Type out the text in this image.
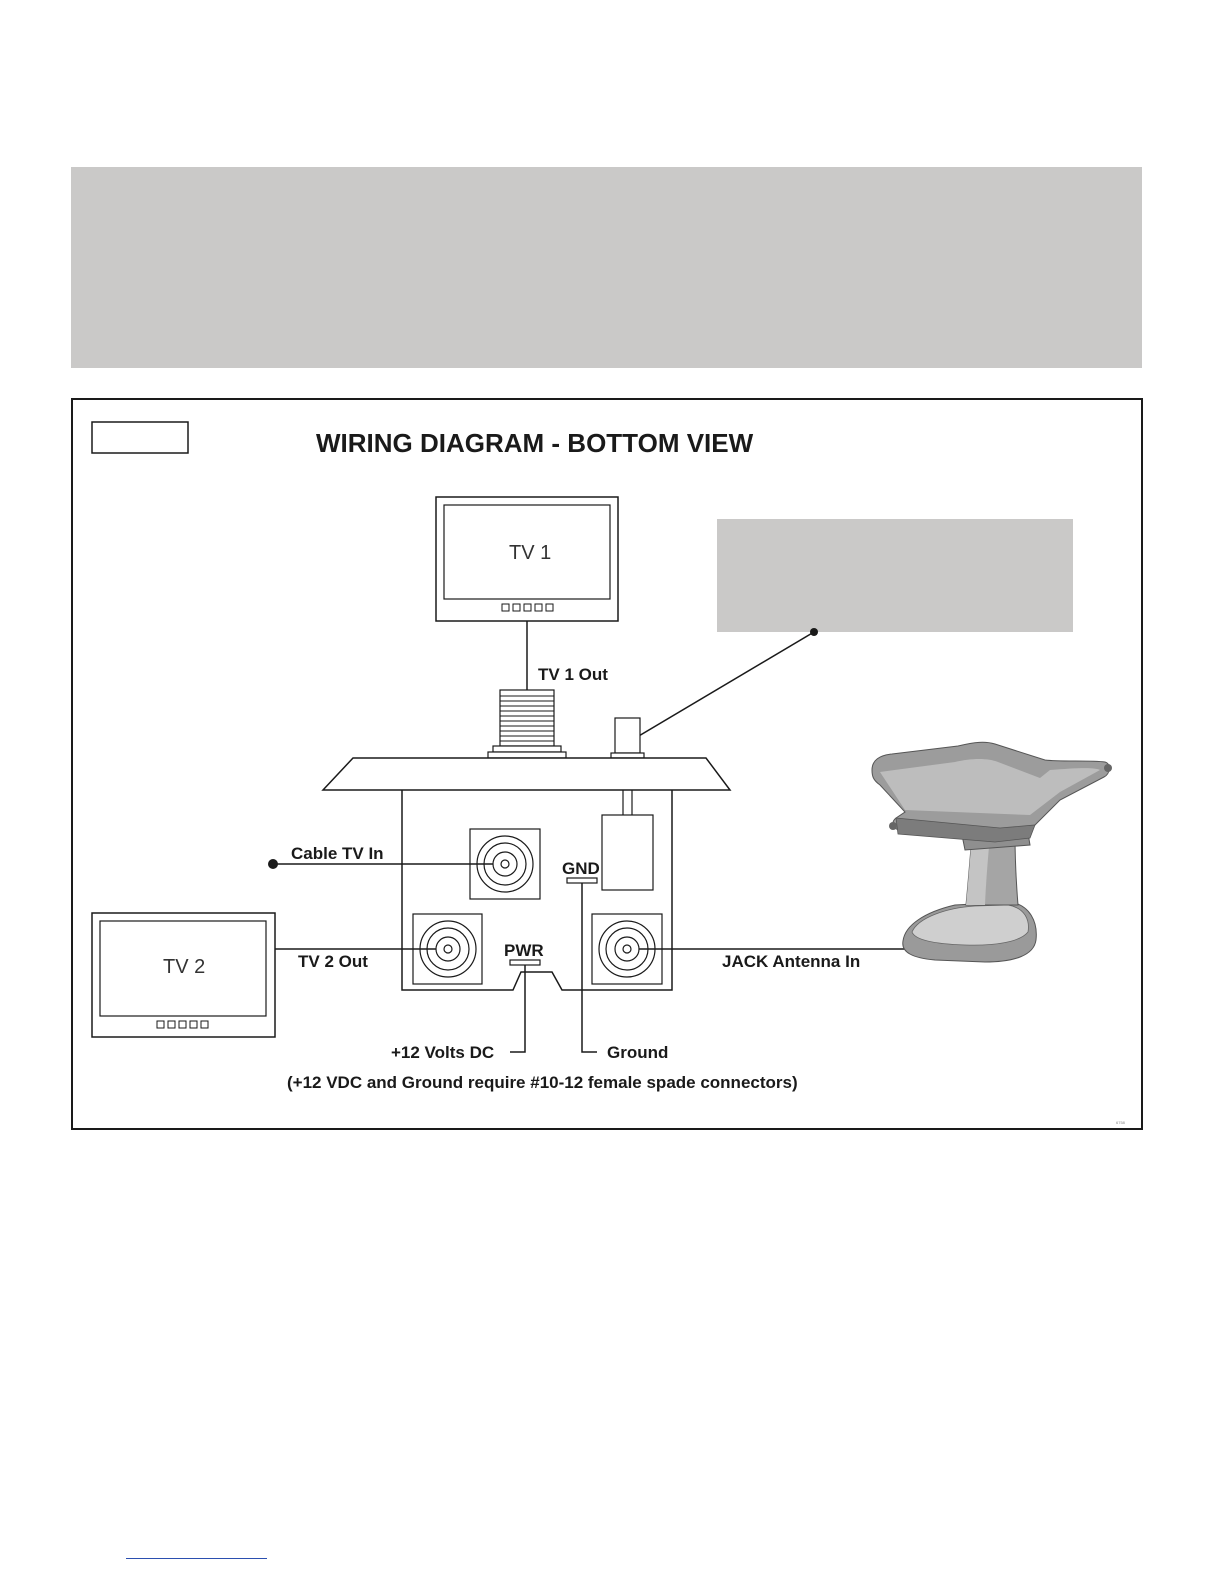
WIRING DIAGRAM - BOTTOM VIEW
TV 1
TV 1 Out
Cable TV In
GND
TV 2 Out
PWR
JACK Antenna In
TV 2
+12 Volts DC	Ground
(+12 VDC and Ground require #10-12 female spade connectors)
6758
